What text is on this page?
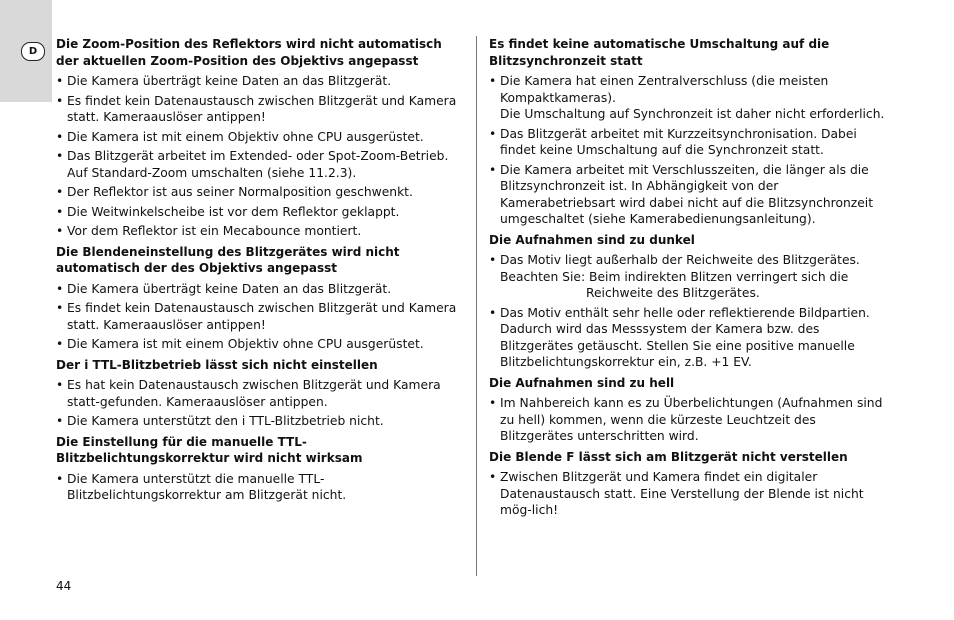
D
Die Zoom-Position des Reflektors wird nicht automatisch der aktuellen Zoom-Position des Objektivs angepasst
• Die Kamera überträgt keine Daten an das Blitzgerät.
• Es findet kein Datenaustausch zwischen Blitzgerät und Kamera statt. Kameraauslöser antippen!
• Die Kamera ist mit einem Objektiv ohne CPU ausgerüstet.
• Das Blitzgerät arbeitet im Extended- oder Spot-Zoom-Betrieb. Auf Standard-Zoom umschalten (siehe 11.2.3).
• Der Reflektor ist aus seiner Normalposition geschwenkt.
• Die Weitwinkelscheibe ist vor dem Reflektor geklappt.
• Vor dem Reflektor ist ein Mecabounce montiert.
Die Blendeneinstellung des Blitzgerätes wird nicht automatisch der des Objektivs angepasst
• Die Kamera überträgt keine Daten an das Blitzgerät.
• Es findet kein Datenaustausch zwischen Blitzgerät und Kamera statt. Kameraauslöser antippen!
• Die Kamera ist mit einem Objektiv ohne CPU ausgerüstet.
Der i TTL-Blitzbetrieb lässt sich nicht einstellen
• Es hat kein Datenaustausch zwischen Blitzgerät und Kamera statt-gefunden. Kameraauslöser antippen.
• Die Kamera unterstützt den i TTL-Blitzbetrieb nicht.
Die Einstellung für die manuelle TTL-Blitzbelichtungskorrektur wird nicht wirksam
• Die Kamera unterstützt die manuelle TTL-Blitzbelichtungskorrektur am Blitzgerät nicht.
Es findet keine automatische Umschaltung auf die Blitzsynchronzeit statt
• Die Kamera hat einen Zentralverschluss (die meisten Kompaktkameras).
Die Umschaltung auf Synchronzeit ist daher nicht erforderlich.
• Das Blitzgerät arbeitet mit Kurzzeitsynchronisation. Dabei findet keine Umschaltung auf die Synchronzeit statt.
• Die Kamera arbeitet mit Verschlusszeiten, die länger als die Blitzsynchronzeit ist. In Abhängigkeit von der Kamerabetriebsart wird dabei nicht auf die Blitzsynchronzeit umgeschaltet (siehe Kamerabedienungsanleitung).
Die Aufnahmen sind zu dunkel
• Das Motiv liegt außerhalb der Reichweite des Blitzgerätes.
Beachten Sie: Beim indirekten Blitzen verringert sich die
Reichweite des Blitzgerätes.
• Das Motiv enthält sehr helle oder reflektierende Bildpartien. Dadurch wird das Messsystem der Kamera bzw. des Blitzgerätes getäuscht. Stellen Sie eine positive manuelle Blitzbelichtungskorrektur ein, z.B. +1 EV.
Die Aufnahmen sind zu hell
• Im Nahbereich kann es zu Überbelichtungen (Aufnahmen sind zu hell) kommen, wenn die kürzeste Leuchtzeit des Blitzgerätes unterschritten wird.
Die Blende F lässt sich am Blitzgerät nicht verstellen
• Zwischen Blitzgerät und Kamera findet ein digitaler Datenaustausch statt. Eine Verstellung der Blende ist nicht mög-lich!
44
